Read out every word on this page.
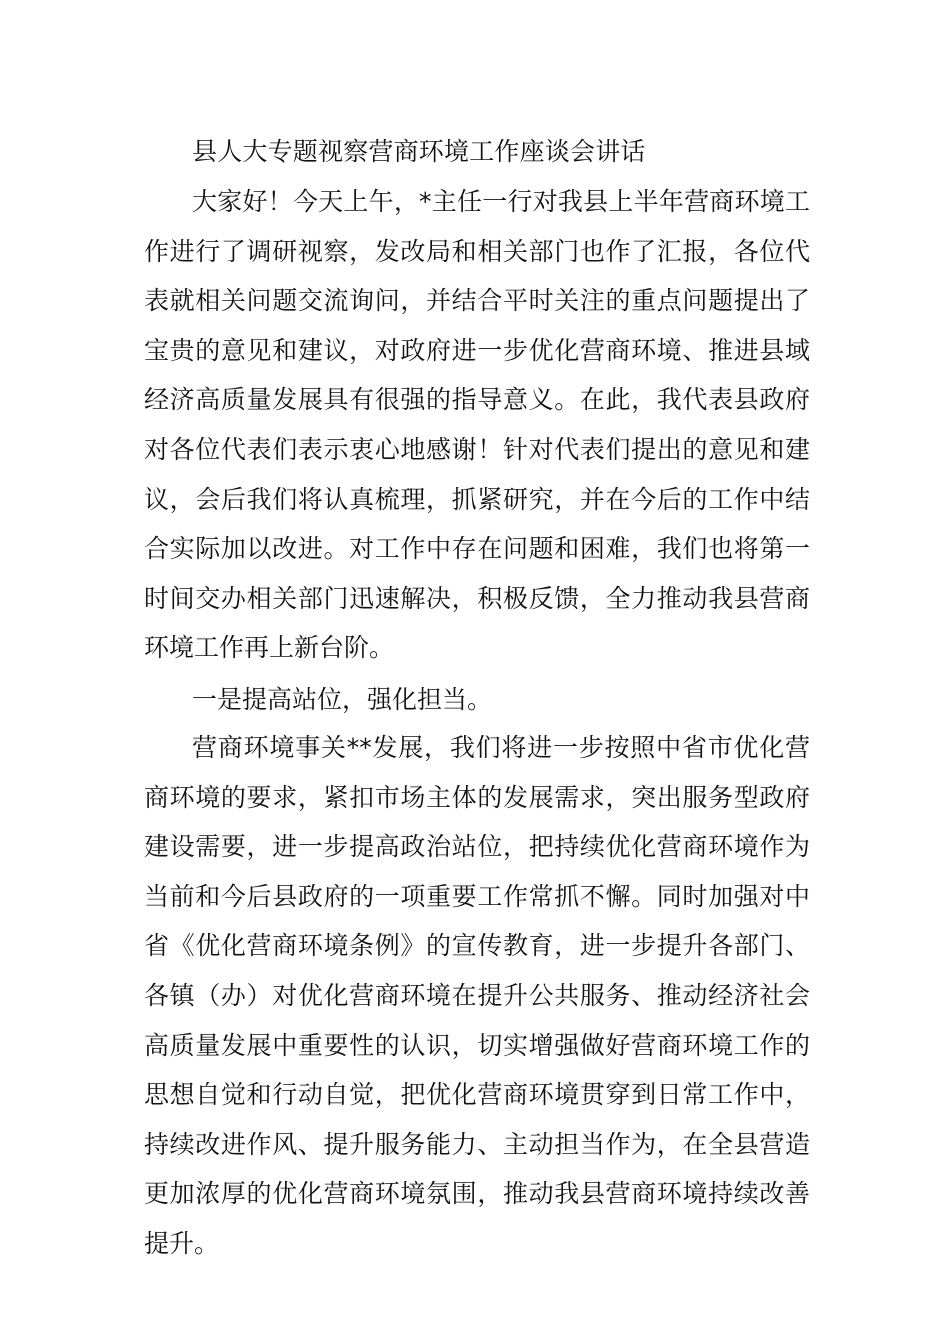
县人大专题视察营商环境工作座谈会讲话

大家好！今天上午，*主任一行对我县上半年营商环境工作进行了调研视察，发改局和相关部门也作了汇报，各位代表就相关问题交流询问，并结合平时关注的重点问题提出了宝贵的意见和建议，对政府进一步优化营商环境、推进县域经济高质量发展具有很强的指导意义。在此，我代表县政府对各位代表们表示衷心地感谢！针对代表们提出的意见和建议，会后我们将认真梳理，抓紧研究，并在今后的工作中结合实际加以改进。对工作中存在问题和困难，我们也将第一时间交办相关部门迅速解决，积极反馈，全力推动我县营商环境工作再上新台阶。

一是提高站位，强化担当。

营商环境事关**发展，我们将进一步按照中省市优化营商环境的要求，紧扣市场主体的发展需求，突出服务型政府建设需要，进一步提高政治站位，把持续优化营商环境作为当前和今后县政府的一项重要工作常抓不懈。同时加强对中省《优化营商环境条例》的宣传教育，进一步提升各部门、各镇（办）对优化营商环境在提升公共服务、推动经济社会高质量发展中重要性的认识，切实增强做好营商环境工作的思想自觉和行动自觉，把优化营商环境贯穿到日常工作中，持续改进作风、提升服务能力、主动担当作为，在全县营造更加浓厚的优化营商环境氛围，推动我县营商环境持续改善提升。
